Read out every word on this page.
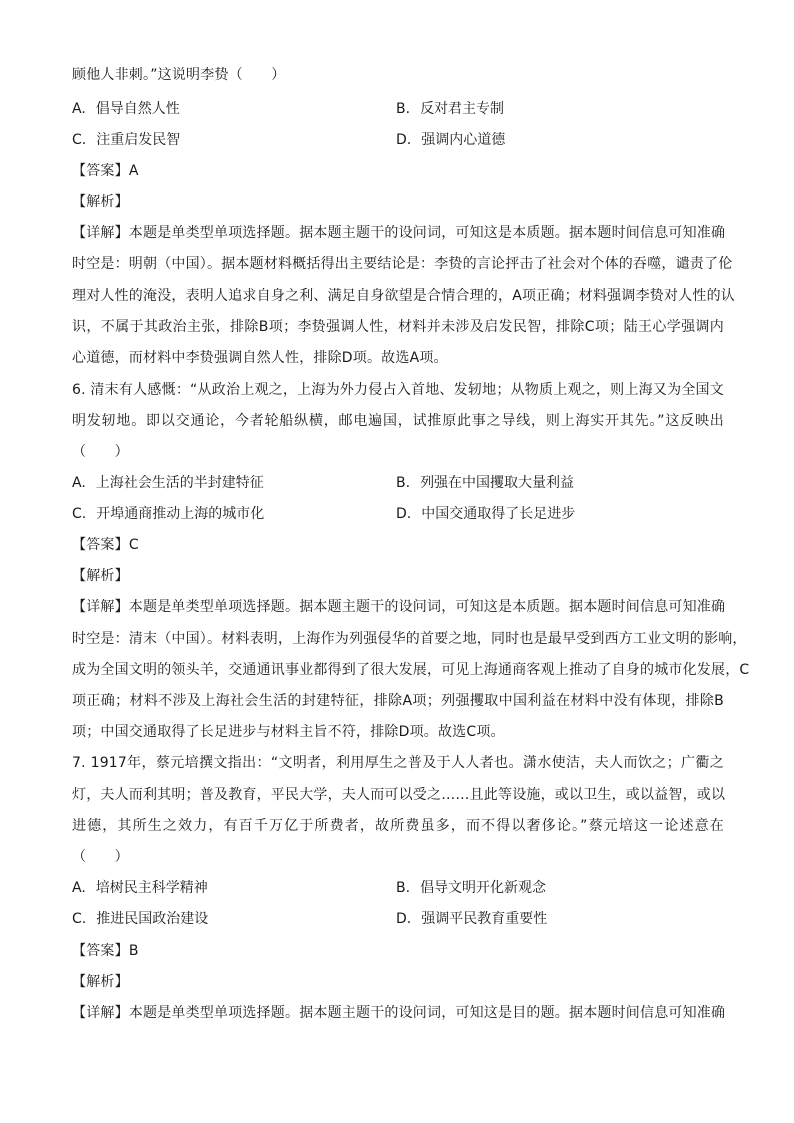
顾他人非刺。”这说明李贽（　　）
A. 倡导自然人性	B. 反对君主专制
C. 注重启发民智	D. 强调内心道德
【答案】A
【解析】
【详解】本题是单类型单项选择题。据本题主题干的设问词，可知这是本质题。据本题时间信息可知准确
时空是：明朝（中国）。据本题材料概括得出主要结论是：李贽的言论抨击了社会对个体的吞噬，谴责了伦
理对人性的淹没，表明人追求自身之利、满足自身欲望是合情合理的，A项正确；材料强调李贽对人性的认
识，不属于其政治主张，排除B项；李贽强调人性，材料并未涉及启发民智，排除C项；陆王心学强调内
心道德，而材料中李贽强调自然人性，排除D项。故选A项。
6. 清末有人感慨：“从政治上观之，上海为外力侵占入首地、发轫地；从物质上观之，则上海又为全国文
明发轫地。即以交通论，今者轮船纵横，邮电遍国，试推原此事之导线，则上海实开其先。”这反映出
（　　）
A. 上海社会生活的半封建特征	B. 列强在中国攫取大量利益
C. 开埠通商推动上海的城市化	D. 中国交通取得了长足进步
【答案】C
【解析】
【详解】本题是单类型单项选择题。据本题主题干的设问词，可知这是本质题。据本题时间信息可知准确
时空是：清末（中国）。材料表明，上海作为列强侵华的首要之地，同时也是最早受到西方工业文明的影响，
成为全国文明的领头羊，交通通讯事业都得到了很大发展，可见上海通商客观上推动了自身的城市化发展，C
项正确；材料不涉及上海社会生活的封建特征，排除A项；列强攫取中国利益在材料中没有体现，排除B
项；中国交通取得了长足进步与材料主旨不符，排除D项。故选C项。
7. 1917年，蔡元培撰文指出：“文明者，利用厚生之普及于人人者也。潇水使洁，夫人而饮之；广衢之
灯，夫人而利其明；普及教育，平民大学，夫人而可以受之……且此等设施，或以卫生，或以益智，或以
进德，其所生之效力，有百千万亿于所费者，故所费虽多，而不得以奢侈论。”蔡元培这一论述意在
（　　）
A. 培树民主科学精神	B. 倡导文明开化新观念
C. 推进民国政治建设	D. 强调平民教育重要性
【答案】B
【解析】
【详解】本题是单类型单项选择题。据本题主题干的设问词，可知这是目的题。据本题时间信息可知准确
